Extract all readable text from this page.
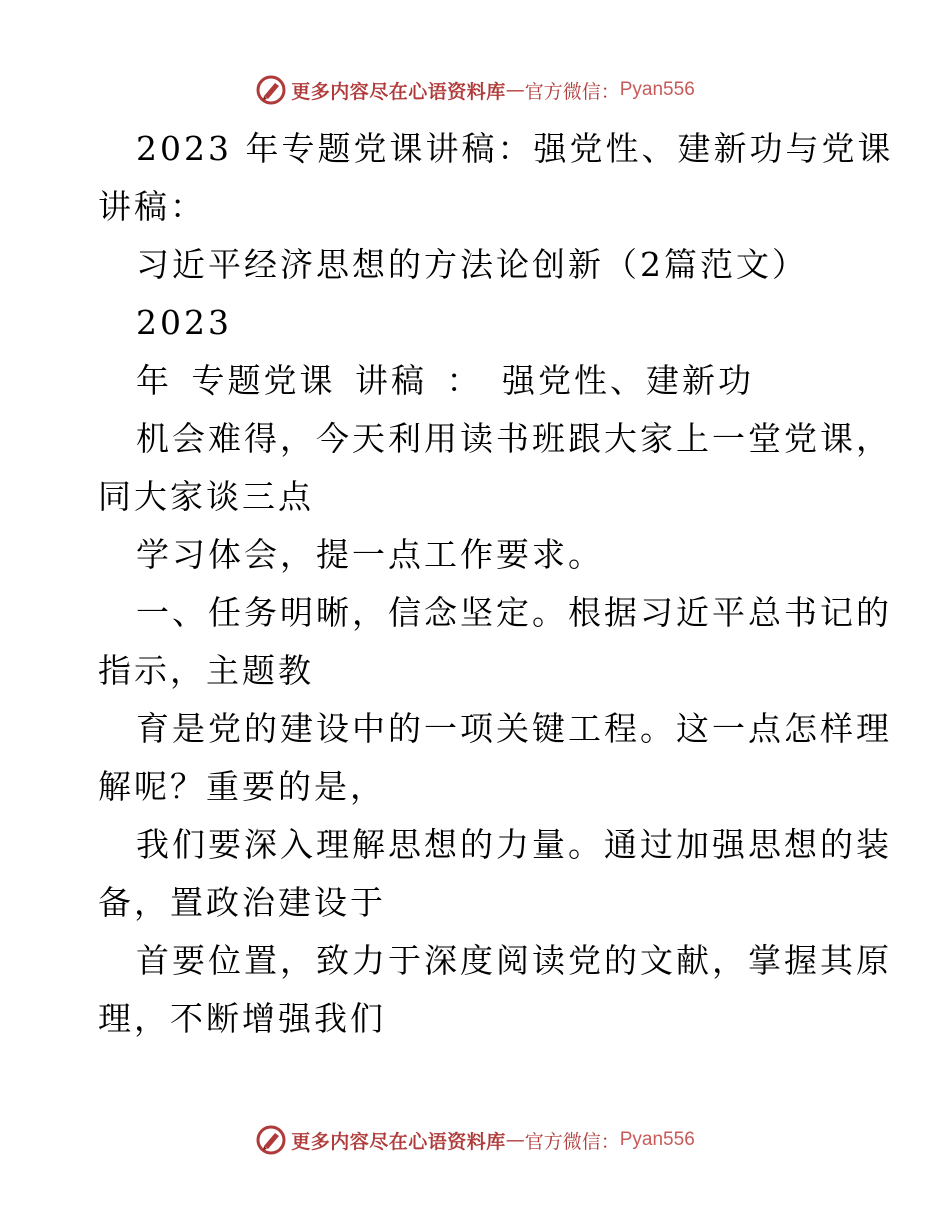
更多内容尽在心语资料库 — 官方微信： Pyan556
2023 年专题党课讲稿：强党性、建新功与党课
讲稿：
习近平经济思想的方法论创新（2篇范文）
2023
年 专题党课 讲稿 ： 强党性、建新功
机会难得，今天利用读书班跟大家上一堂党课，
同大家谈三点
学习体会，提一点工作要求。
一、任务明晰，信念坚定。根据习近平总书记的
指示，主题教
育是党的建设中的一项关键工程。这一点怎样理
解呢？重要的是，
我们要深入理解思想的力量。通过加强思想的装
备，置政治建设于
首要位置，致力于深度阅读党的文献，掌握其原
理，不断增强我们
更多内容尽在心语资料库 — 官方微信： Pyan556
